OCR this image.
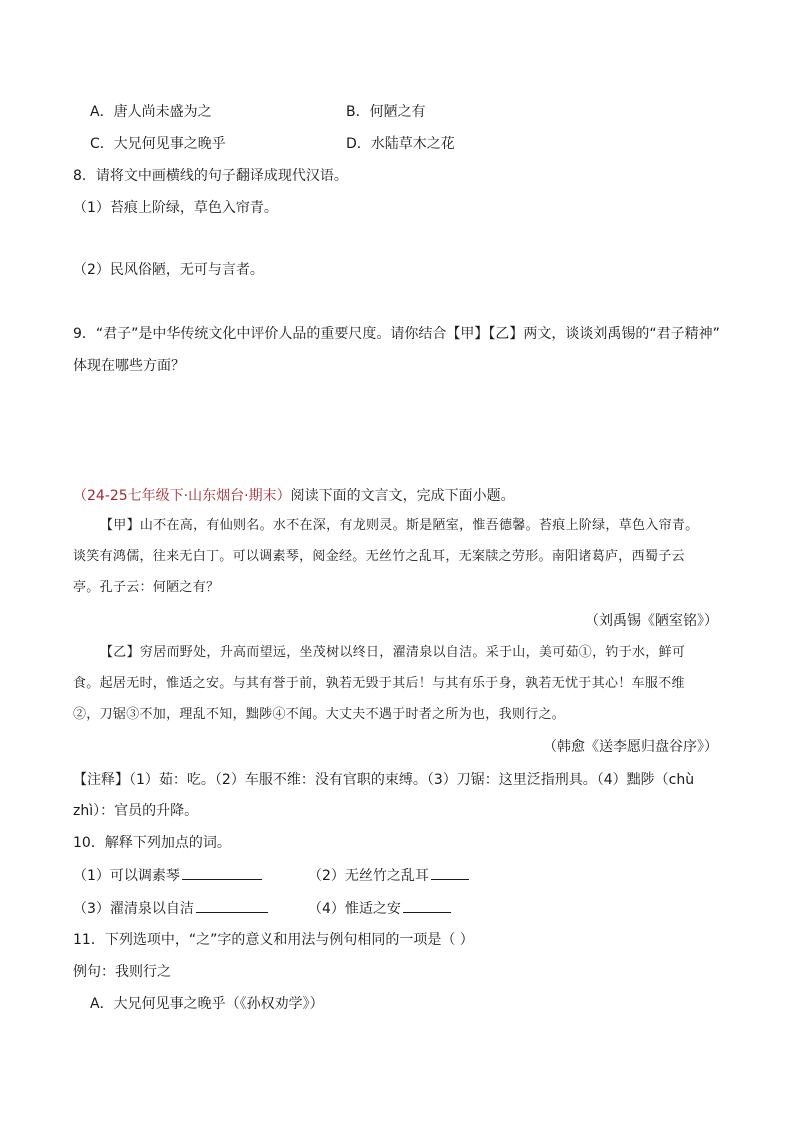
A．唐人尚未盛为之	B．何陋之有
C．大兄何见事之晚乎	D．水陆草木之花
8．请将文中画横线的句子翻译成现代汉语。
（1）苔痕上阶绿，草色入帘青。
（2）民风俗陋，无可与言者。
9．“君子”是中华传统文化中评价人品的重要尺度。请你结合【甲】【乙】两文，谈谈刘禹锡的“君子精神”
体现在哪些方面？
（24-25七年级下·山东烟台·期末）阅读下面的文言文，完成下面小题。
【甲】山不在高，有仙则名。水不在深，有龙则灵。斯是陋室，惟吾德馨。苔痕上阶绿，草色入帘青。
谈笑有鸿儒，往来无白丁。可以调素琴，阅金经。无丝竹之乱耳，无案牍之劳形。南阳诸葛庐，西蜀子云
亭。孔子云：何陋之有？
（刘禹锡《陋室铭》）
【乙】穷居而野处，升高而望远，坐茂树以终日，濯清泉以自洁。采于山，美可茹①，钓于水，鲜可
食。起居无时，惟适之安。与其有誉于前，孰若无毁于其后！与其有乐于身，孰若无忧于其心！车服不维
②，刀锯③不加，理乱不知，黜陟④不闻。大丈夫不遇于时者之所为也，我则行之。
（韩愈《送李愿归盘谷序》）
【注释】（1）茹：吃。（2）车服不维：没有官职的束缚。（3）刀锯：这里泛指刑具。（4）黜陟（chù
zhì）：官员的升降。
10．解释下列加点的词。
（1）可以调素琴	（2）无丝竹之乱耳
（3）濯清泉以自洁	（4）惟适之安
11．下列选项中，“之”字的意义和用法与例句相同的一项是（ ）
例句：我则行之
A．大兄何见事之晚乎（《孙权劝学》）
